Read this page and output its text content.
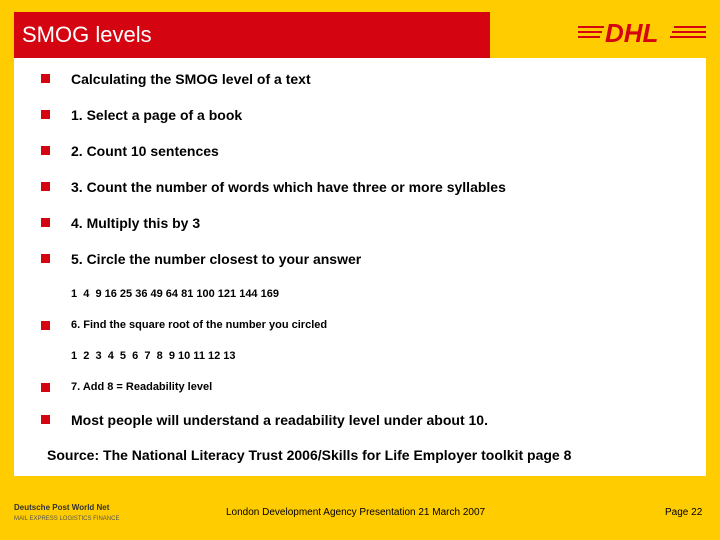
SMOG levels	DHL
Calculating the SMOG level of a text
1. Select a page of a book
2. Count 10 sentences
3. Count the number of words which have three or more syllables
4. Multiply this by 3
5. Circle the number closest to your answer
1  4  9 16 25 36 49 64 81 100 121 144 169
6. Find the square root of the number you circled
1  2  3  4  5  6  7  8  9 10 11 12 13
7. Add 8 = Readability level
Most people will understand a readability level under about 10.
Source: The National Literacy Trust 2006/Skills for Life Employer toolkit page 8
Deutsche Post World Net
MAIL EXPRESS LOGISTICS FINANCE
London Development Agency Presentation 21 March 2007	Page 22
